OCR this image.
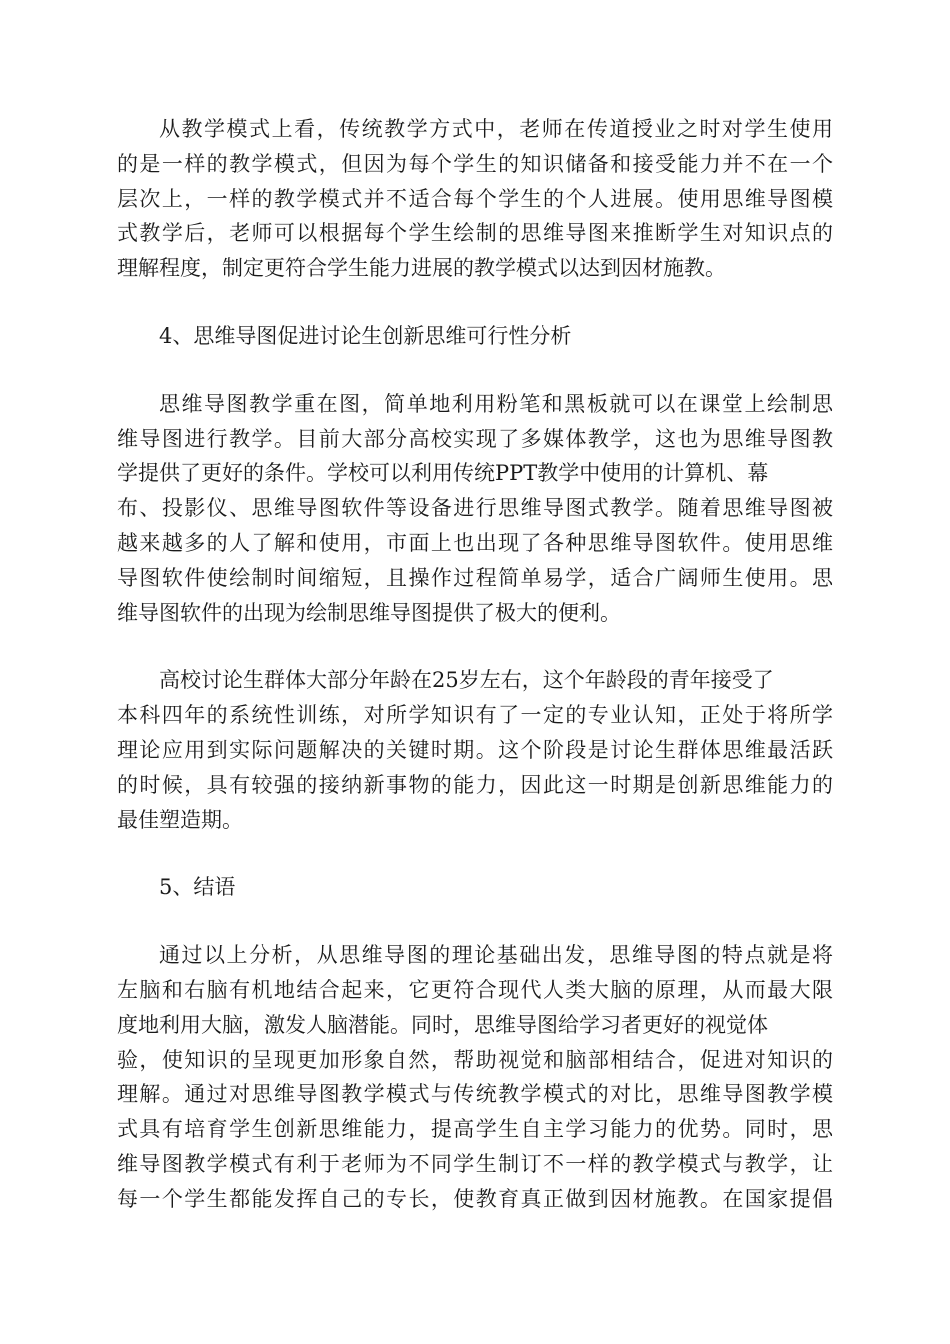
从教学模式上看，传统教学方式中，老师在传道授业之时对学生使用
的是一样的教学模式，但因为每个学生的知识储备和接受能力并不在一个
层次上，一样的教学模式并不适合每个学生的个人进展。使用思维导图模
式教学后，老师可以根据每个学生绘制的思维导图来推断学生对知识点的
理解程度，制定更符合学生能力进展的教学模式以达到因材施教。
4、思维导图促进讨论生创新思维可行性分析
思维导图教学重在图，简单地利用粉笔和黑板就可以在课堂上绘制思
维导图进行教学。目前大部分高校实现了多媒体教学，这也为思维导图教
学提供了更好的条件。学校可以利用传统PPT教学中使用的计算机、幕
布、投影仪、思维导图软件等设备进行思维导图式教学。随着思维导图被
越来越多的人了解和使用，市面上也出现了各种思维导图软件。使用思维
导图软件使绘制时间缩短，且操作过程简单易学，适合广阔师生使用。思
维导图软件的出现为绘制思维导图提供了极大的便利。
高校讨论生群体大部分年龄在25岁左右，这个年龄段的青年接受了
本科四年的系统性训练，对所学知识有了一定的专业认知，正处于将所学
理论应用到实际问题解决的关键时期。这个阶段是讨论生群体思维最活跃
的时候，具有较强的接纳新事物的能力，因此这一时期是创新思维能力的
最佳塑造期。
5、结语
通过以上分析，从思维导图的理论基础出发，思维导图的特点就是将
左脑和右脑有机地结合起来，它更符合现代人类大脑的原理，从而最大限
度地利用大脑，激发人脑潜能。同时，思维导图给学习者更好的视觉体
验，使知识的呈现更加形象自然，帮助视觉和脑部相结合，促进对知识的
理解。通过对思维导图教学模式与传统教学模式的对比，思维导图教学模
式具有培育学生创新思维能力，提高学生自主学习能力的优势。同时，思
维导图教学模式有利于老师为不同学生制订不一样的教学模式与教学，让
每一个学生都能发挥自己的专长，使教育真正做到因材施教。在国家提倡
